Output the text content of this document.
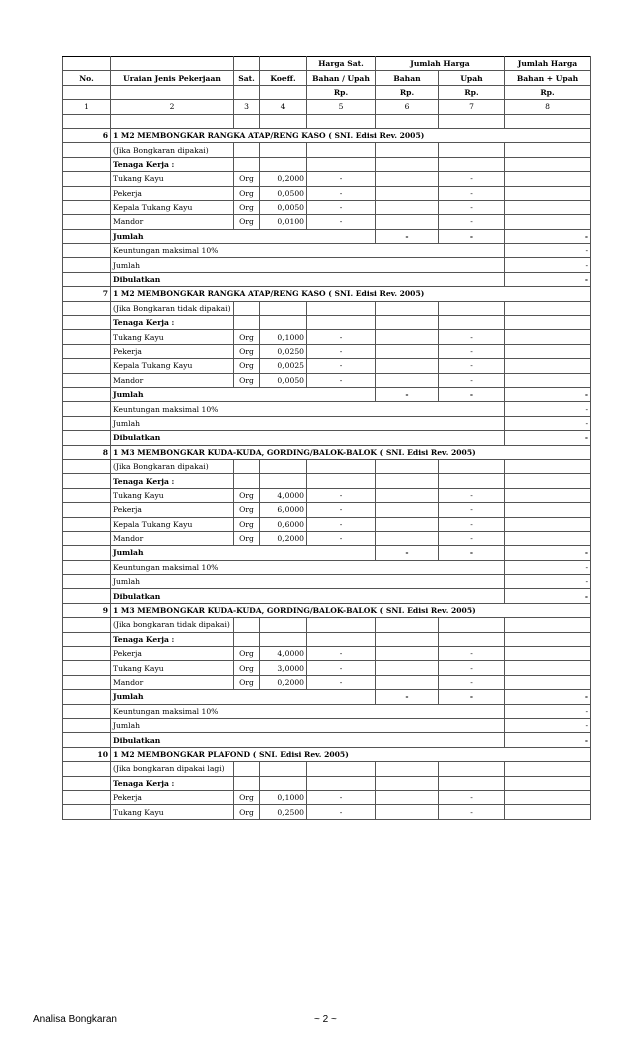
				Harga Sat.	Jumlah Harga		Jumlah Harga
No.	Uraian Jenis Pekerjaan	Sat.	Koeff.	Bahan / Upah	Bahan	Upah	Bahan + Upah
				Rp.	Rp.	Rp.	Rp.
1	2	3	4	5	6	7	8

6	1 M2 MEMBONGKAR RANGKA ATAP/RENG KASO ( SNI. Edisi Rev. 2005)						
	(Jika Bongkaran dipakai)						
	Tenaga Kerja :						
	Tukang Kayu	Org	0,2000	-		-	
	Pekerja	Org	0,0500	-		-	
	Kepala Tukang Kayu	Org	0,0050	-		-	
	Mandor	Org	0,0100	-		-	
	Jumlah				-	-	-
	Keuntungan maksimal 10%						-
	Jumlah						-
	Dibulatkan						-
7	1 M2 MEMBONGKAR RANGKA ATAP/RENG KASO ( SNI. Edisi Rev. 2005)						
	(Jika Bongkaran tidak dipakai)						
	Tenaga Kerja :						
	Tukang Kayu	Org	0,1000	-		-	
	Pekerja	Org	0,0250	-		-	
	Kepala Tukang Kayu	Org	0,0025	-		-	
	Mandor	Org	0,0050	-		-	
	Jumlah				-	-	-
	Keuntungan maksimal 10%						-
	Jumlah						-
	Dibulatkan						-
8	1 M3 MEMBONGKAR KUDA-KUDA, GORDING/BALOK-BALOK ( SNI. Edisi Rev. 2005)						
	(Jika Bongkaran dipakai)						
	Tenaga Kerja :						
	Tukang Kayu	Org	4,0000	-		-	
	Pekerja	Org	6,0000	-		-	
	Kepala Tukang Kayu	Org	0,6000	-		-	
	Mandor	Org	0,2000	-		-	
	Jumlah				-	-	-
	Keuntungan maksimal 10%						-
	Jumlah						-
	Dibulatkan						-
9	1 M3 MEMBONGKAR KUDA-KUDA, GORDING/BALOK-BALOK ( SNI. Edisi Rev. 2005)						
	(Jika bongkaran tidak dipakai)						
	Tenaga Kerja :						
	Pekerja	Org	4,0000	-		-	
	Tukang Kayu	Org	3,0000	-		-	
	Mandor	Org	0,2000	-		-	
	Jumlah				-	-	-
	Keuntungan maksimal 10%						-
	Jumlah						-
	Dibulatkan						-
10	1 M2 MEMBONGKAR PLAFOND ( SNI. Edisi Rev. 2005)						
	(Jika bongkaran dipakai lagi)						
	Tenaga Kerja :						
	Pekerja	Org	0,1000	-		-	
	Tukang Kayu	Org	0,2500	-		-	
Analisa Bongkaran	~ 2 ~
